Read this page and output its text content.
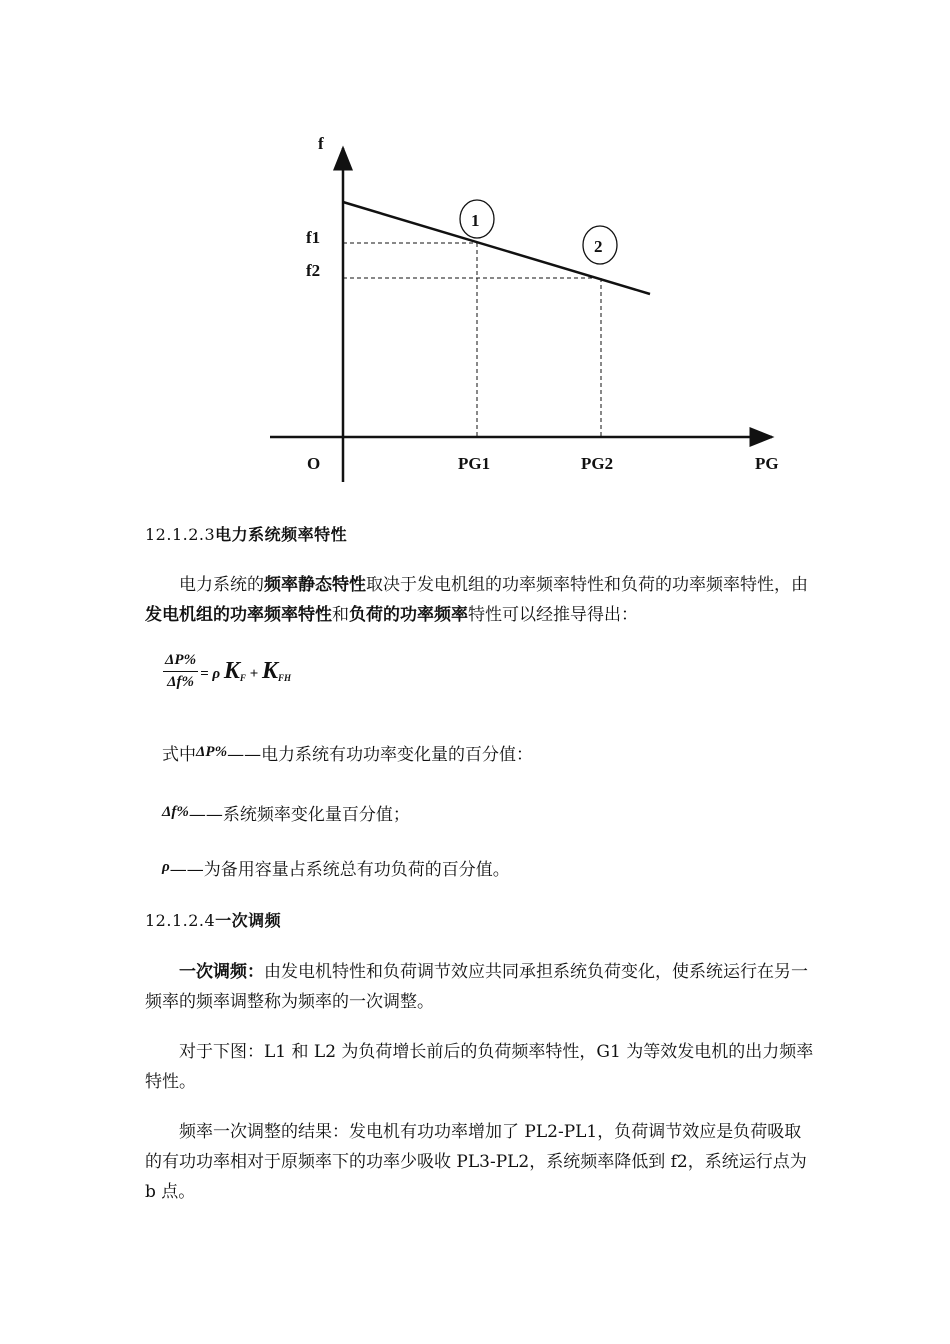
1
2
f
f1
f2
O	PG1	PG2	PG
12.1.2.3电力系统频率特性
电力系统的频率静态特性取决于发电机组的功率频率特性和负荷的功率频率特性，由发电机组的功率频率特性和负荷的功率频率特性可以经推导得出：
$\frac{\Delta P\%}{\Delta f\%} = \rho$ $K_F + K_{FH}$
式中ΔP%——电力系统有功功率变化量的百分值：
Δf%——系统频率变化量百分值；
ρ——为备用容量占系统总有功负荷的百分值。
12.1.2.4一次调频
一次调频：由发电机特性和负荷调节效应共同承担系统负荷变化，使系统运行在另一频率的频率调整称为频率的一次调整。
对于下图：L1 和 L2 为负荷增长前后的负荷频率特性，G1 为等效发电机的出力频率特性。
频率一次调整的结果：发电机有功功率增加了 PL2-PL1，负荷调节效应是负荷吸取的有功功率相对于原频率下的功率少吸收 PL3-PL2，系统频率降低到 f2，系统运行点为 b 点。
